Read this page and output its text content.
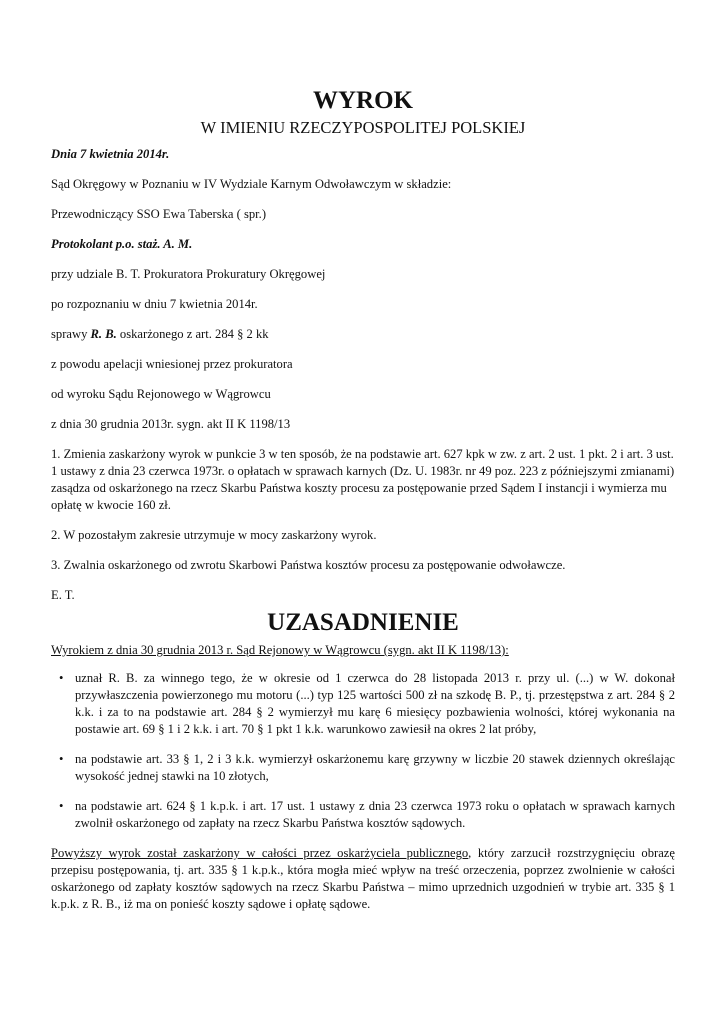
WYROK

W IMIENIU RZECZYPOSPOLITEJ POLSKIEJ

Dnia 7 kwietnia 2014r.

Sąd Okręgowy w Poznaniu w IV Wydziale Karnym Odwoławczym w składzie:

Przewodniczący SSO Ewa Taberska ( spr.)

Protokolant p.o. staż. A. M.

przy udziale B. T. Prokuratora Prokuratury Okręgowej

po rozpoznaniu w dniu 7 kwietnia 2014r.

sprawy R. B. oskarżonego z art. 284 § 2 kk

z powodu apelacji wniesionej przez prokuratora

od wyroku Sądu Rejonowego w Wągrowcu

z dnia 30 grudnia 2013r. sygn. akt II K 1198/13

1. Zmienia zaskarżony wyrok w punkcie 3 w ten sposób, że na podstawie art. 627 kpk w zw. z art. 2 ust. 1 pkt. 2 i art. 3 ust. 1 ustawy z dnia 23 czerwca 1973r. o opłatach w sprawach karnych (Dz. U. 1983r. nr 49 poz. 223 z późniejszymi zmianami) zasądza od oskarżonego na rzecz Skarbu Państwa koszty procesu za postępowanie przed Sądem I instancji i wymierza mu opłatę w kwocie 160 zł.

2. W pozostałym zakresie utrzymuje w mocy zaskarżony wyrok.

3. Zwalnia oskarżonego od zwrotu Skarbowi Państwa kosztów procesu za postępowanie odwoławcze.

E. T.

UZASADNIENIE

Wyrokiem z dnia 30 grudnia 2013 r. Sąd Rejonowy w Wągrowcu (sygn. akt II K 1198/13):

• uznał R. B. za winnego tego, że w okresie od 1 czerwca do 28 listopada 2013 r. przy ul. (...) w W. dokonał przywłaszczenia powierzonego mu motoru (...) typ 125 wartości 500 zł na szkodę B. P., tj. przestępstwa z art. 284 § 2 k.k. i za to na podstawie art. 284 § 2 wymierzył mu karę 6 miesięcy pozbawienia wolności, której wykonania na postawie art. 69 § 1 i 2 k.k. i art. 70 § 1 pkt 1 k.k. warunkowo zawiesił na okres 2 lat próby,
• na podstawie art. 33 § 1, 2 i 3 k.k. wymierzył oskarżonemu karę grzywny w liczbie 20 stawek dziennych określając wysokość jednej stawki na 10 złotych,
• na podstawie art. 624 § 1 k.p.k. i art. 17 ust. 1 ustawy z dnia 23 czerwca 1973 roku o opłatach w sprawach karnych zwolnił oskarżonego od zapłaty na rzecz Skarbu Państwa kosztów sądowych.

Powyższy wyrok został zaskarżony w całości przez oskarżyciela publicznego, który zarzucił rozstrzygnięciu obrazę przepisu postępowania, tj. art. 335 § 1 k.p.k., która mogła mieć wpływ na treść orzeczenia, poprzez zwolnienie w całości oskarżonego od zapłaty kosztów sądowych na rzecz Skarbu Państwa – mimo uprzednich uzgodnień w trybie art. 335 § 1 k.p.k. z R. B., iż ma on ponieść koszty sądowe i opłatę sądowe.
